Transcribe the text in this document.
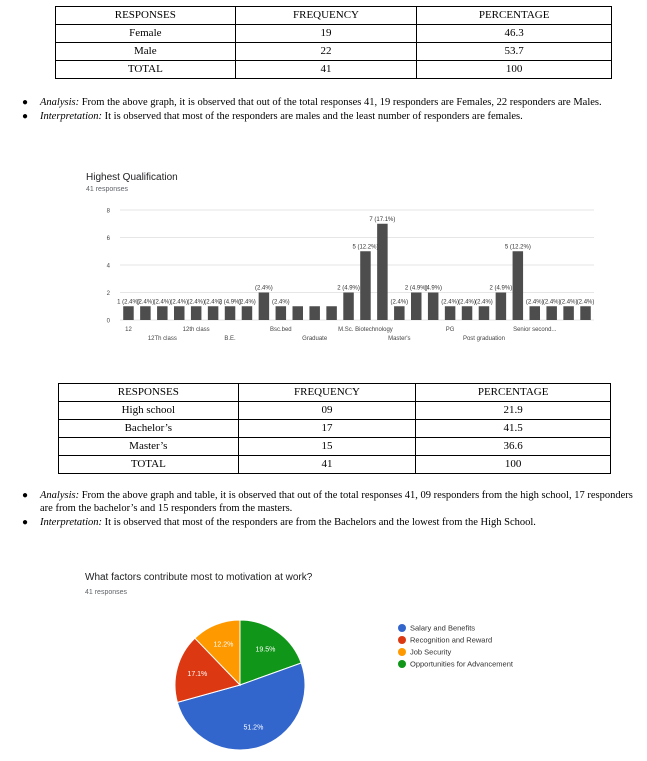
RESPONSES	FREQUENCY	PERCENTAGE
Female	19	46.3
Male	22	53.7
TOTAL	41	100
● Analysis: From the above graph, it is observed that out of the total responses 41, 19 responders are Females, 22 responders are Males.
● Interpretation: It is observed that most of the responders are males and the least number of responders are females.
Highest Qualification
41 responses
0
2
4
6
8
1 (2.4%)
(2.4%) (2.4%) (2.4%) (2.4%) (2.4%)	(2.4%)
(2.4%)
(2.4%)
2 (4.9%)
2 (4.9%)
5 (12.2%)
7 (17.1%)
(2.4%)
2 (4.9%)
(4.9%)
(2.4%) (2.4%) (2.4%)
2 (4.9%)
5 (12.2%)
(2.4%) (2.4%) (2.4%) (2.4%)
12
12Th class
12th class
B.E.
Bsc.bed
Graduate
M.Sc. Biotechnology
Master's
PG
Post graduation
Senior second...
RESPONSES	FREQUENCY	PERCENTAGE
High school	09	21.9
Bachelor’s	17	41.5
Master’s	15	36.6
TOTAL	41	100
● Analysis: From the above graph and table, it is observed that out of the total responses 41, 09 responders from the high school, 17 responders are from the bachelor’s and 15 responders from the masters.
● Interpretation: It is observed that most of the responders are from the Bachelors and the lowest from the High School.
What factors contribute most to motivation at work?
41 responses
19.5%
51.2%
17.1%
12.2%
Salary and Benefits
Recognition and Reward
Job Security
Opportunities for Advancement
